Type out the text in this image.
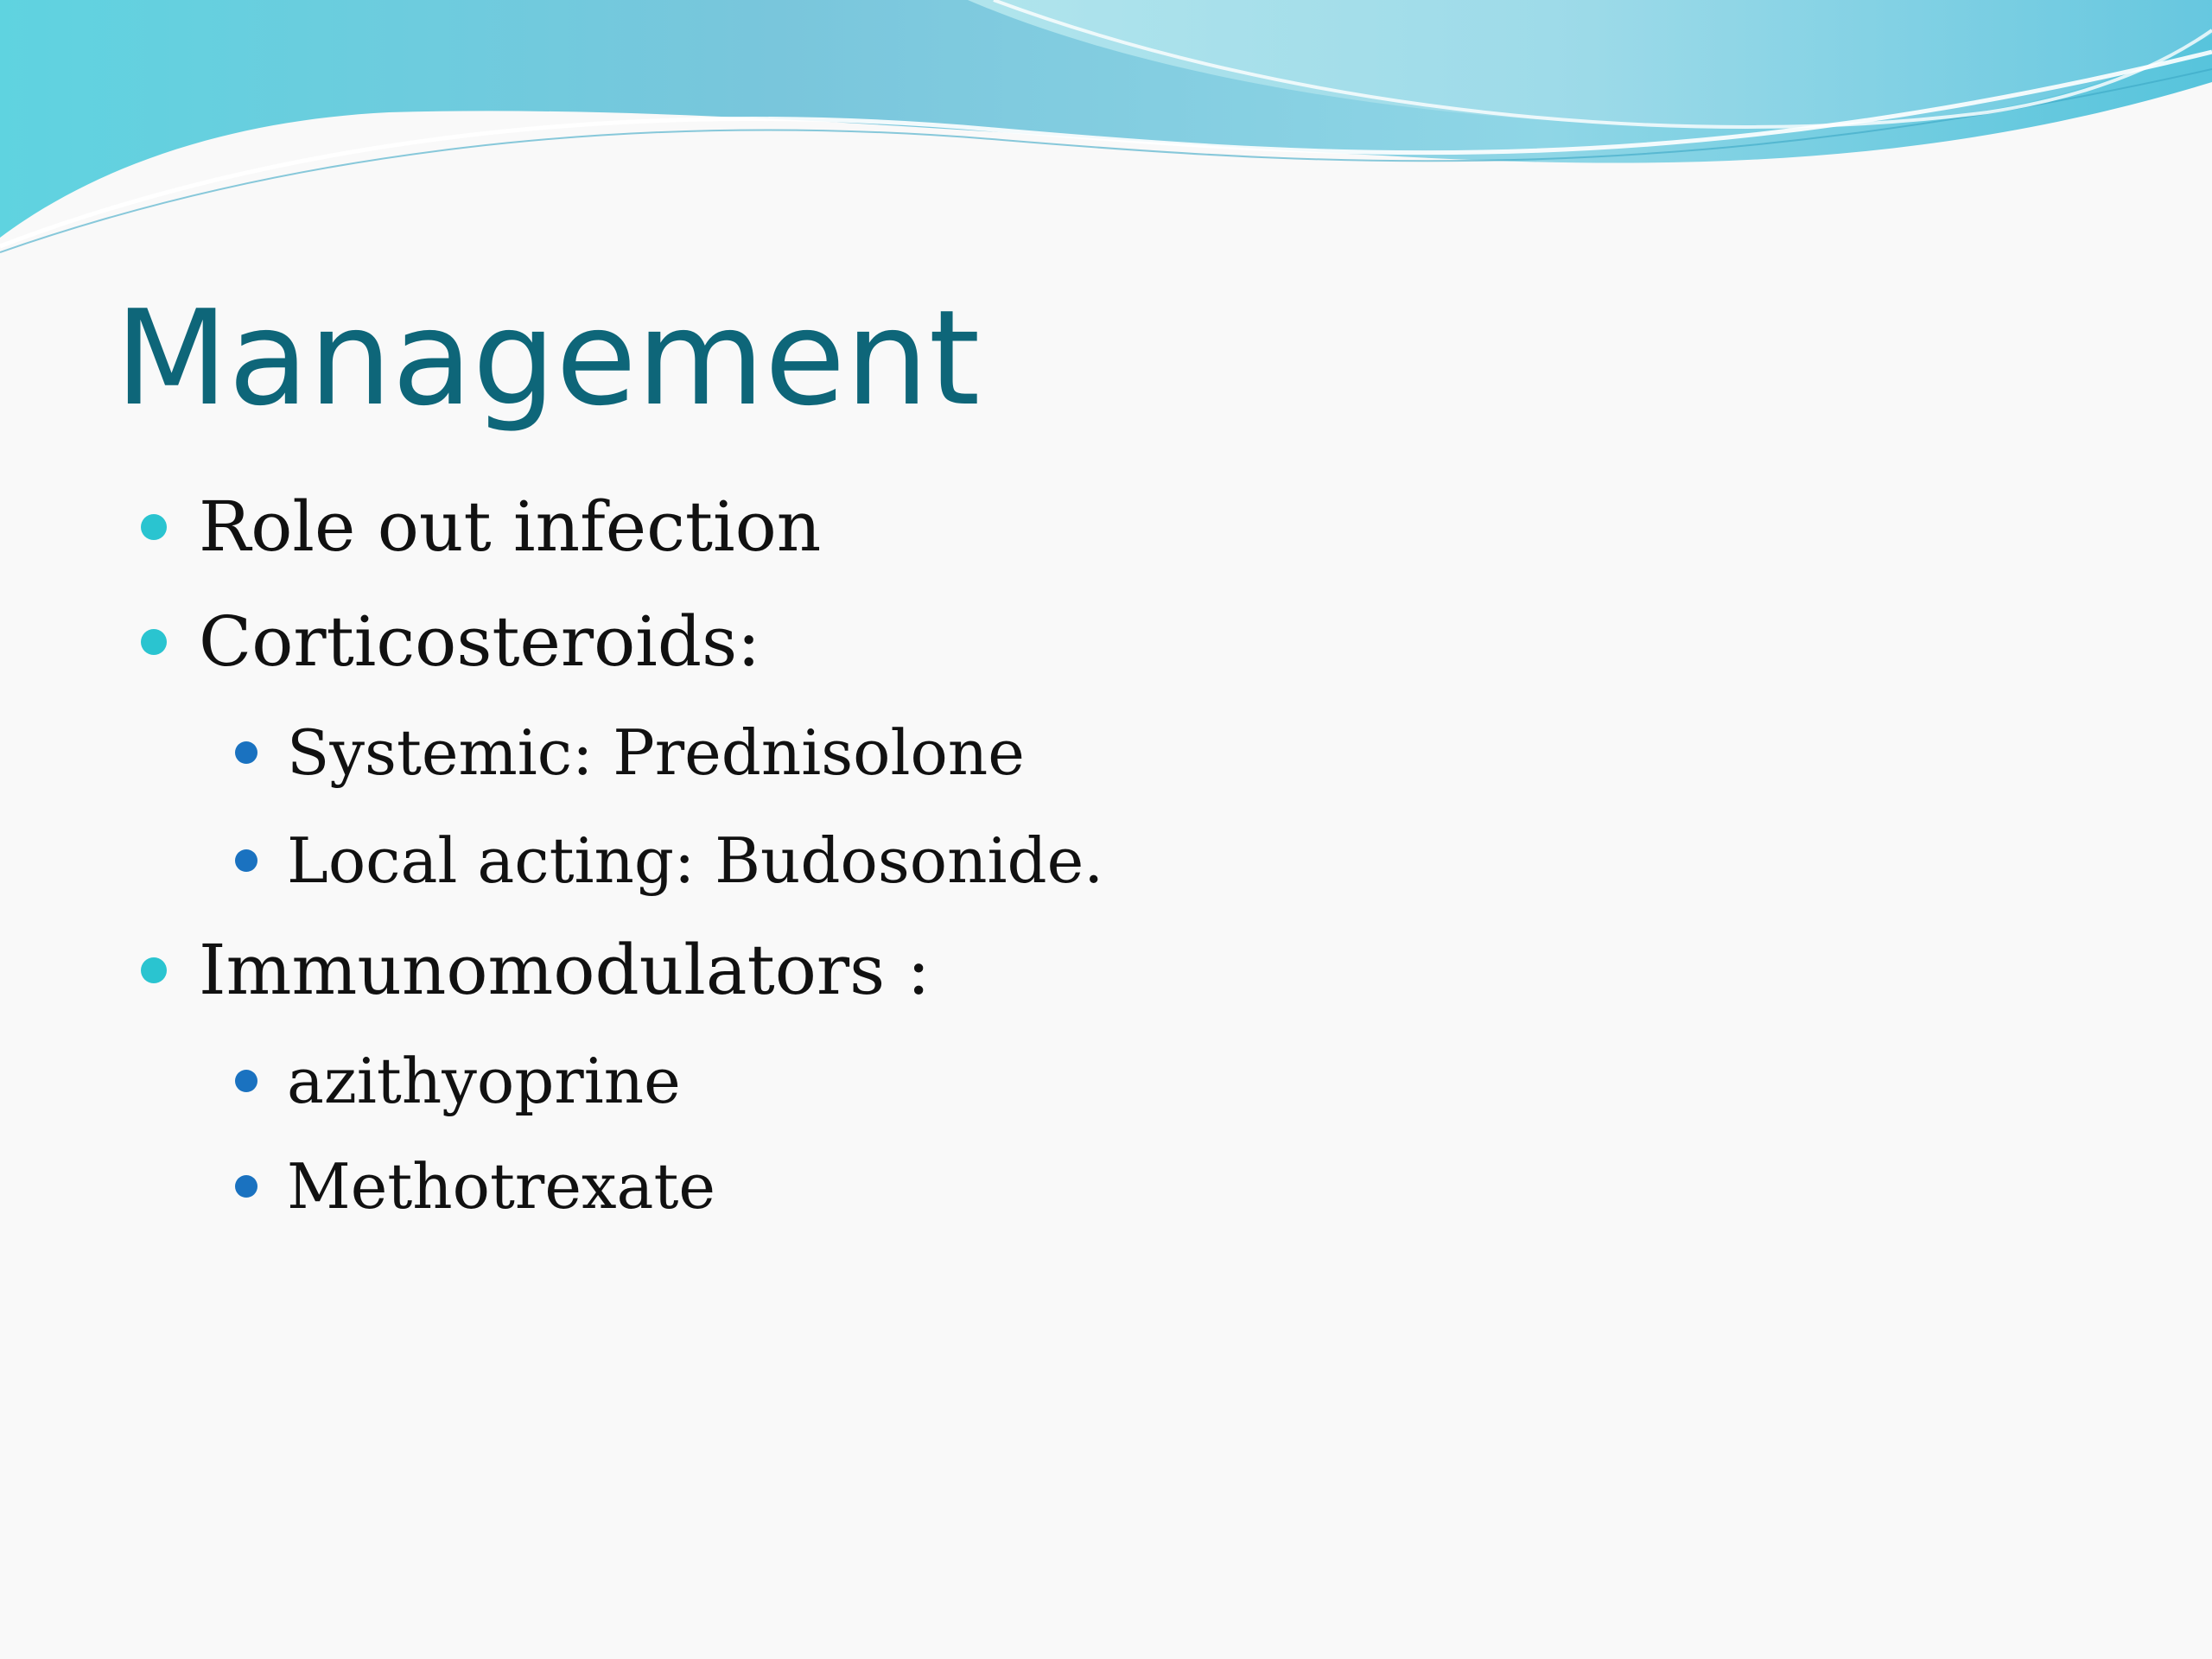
Management
Role out infection
Corticosteroids:
Systemic: Prednisolone
Local acting: Budosonide.
Immunomodulators :
azithyoprine
Methotrexate
